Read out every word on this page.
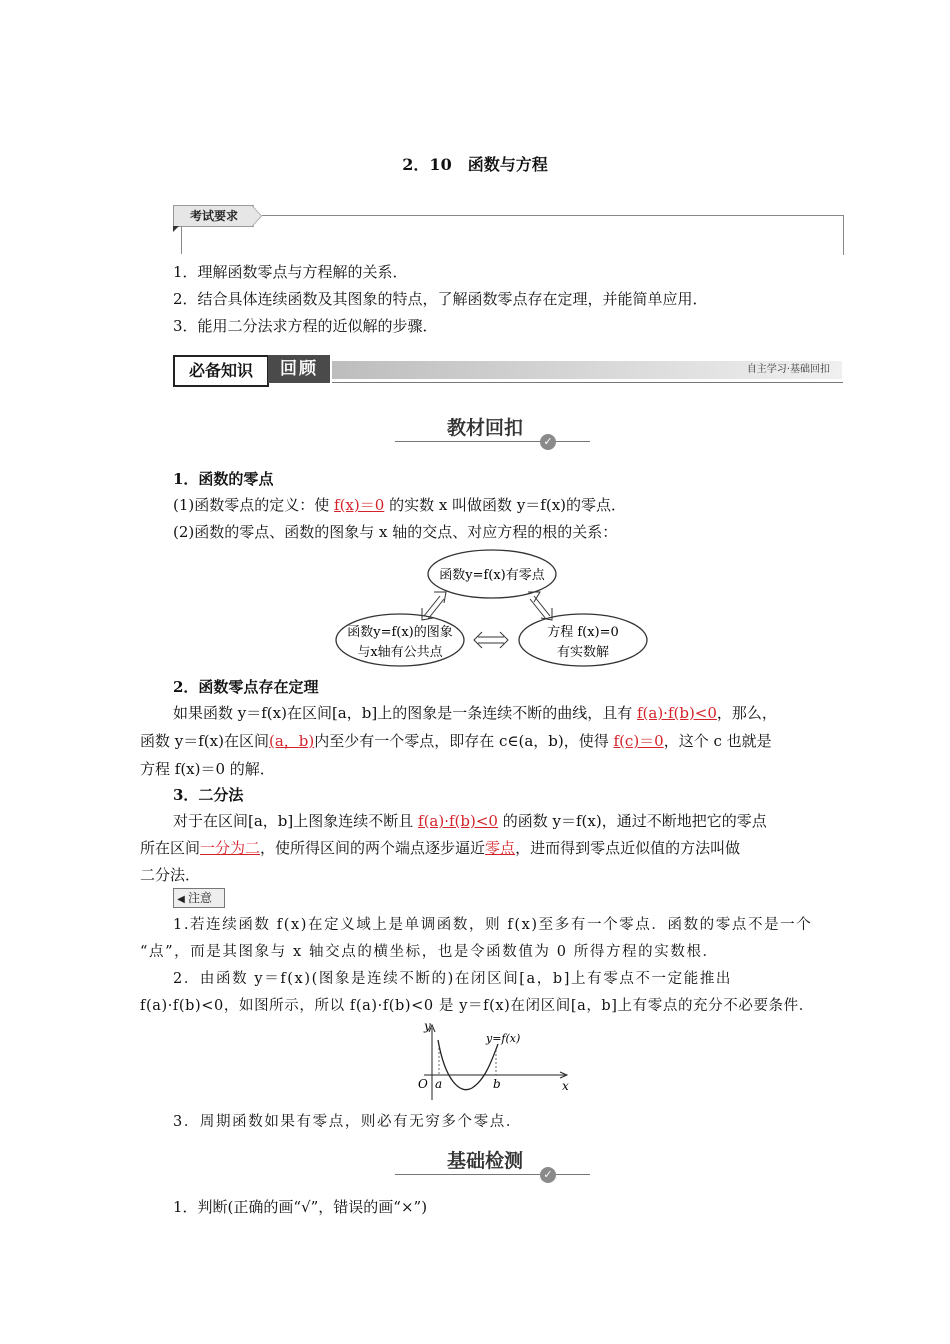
2．10　函数与方程
考试要求
1．理解函数零点与方程解的关系．
2．结合具体连续函数及其图象的特点，了解函数零点存在定理，并能简单应用．
3．能用二分法求方程的近似解的步骤．
必备知识	回顾	自主学习·基础回扣
教材回扣
✓
1．函数的零点
(1)函数零点的定义：使 f(x)＝0 的实数 x 叫做函数 y＝f(x)的零点．
(2)函数的零点、函数的图象与 x 轴的交点、对应方程的根的关系：
函数y=f(x)有零点
函数y=f(x)的图象
与x轴有公共点
方程 f(x)=0
有实数解
2．函数零点存在定理
如果函数 y＝f(x)在区间[a，b]上的图象是一条连续不断的曲线，且有 f(a)·f(b)<0，那么，
函数 y＝f(x)在区间(a，b)内至少有一个零点，即存在 c∈(a，b)，使得 f(c)＝0，这个 c 也就是
方程 f(x)＝0 的解．
3．二分法
对于在区间[a，b]上图象连续不断且 f(a)·f(b)<0 的函数 y＝f(x)，通过不断地把它的零点
所在区间一分为二，使所得区间的两个端点逐步逼近零点，进而得到零点近似值的方法叫做
二分法．
◀ 注意
1.若连续函数 f(x)在定义域上是单调函数，则 f(x)至多有一个零点．函数的零点不是一个
“点”，而是其图象与 x 轴交点的横坐标，也是令函数值为 0 所得方程的实数根．
2．由函数 y＝f(x)(图象是连续不断的)在闭区间[a，b]上有零点不一定能推出
f(a)·f(b)<0，如图所示，所以 f(a)·f(b)<0 是 y＝f(x)在闭区间[a，b]上有零点的充分不必要条件．
y
x
O a	b
y=f(x)
3．周期函数如果有零点，则必有无穷多个零点．
基础检测
✓
1．判断(正确的画“√”，错误的画“×”)
